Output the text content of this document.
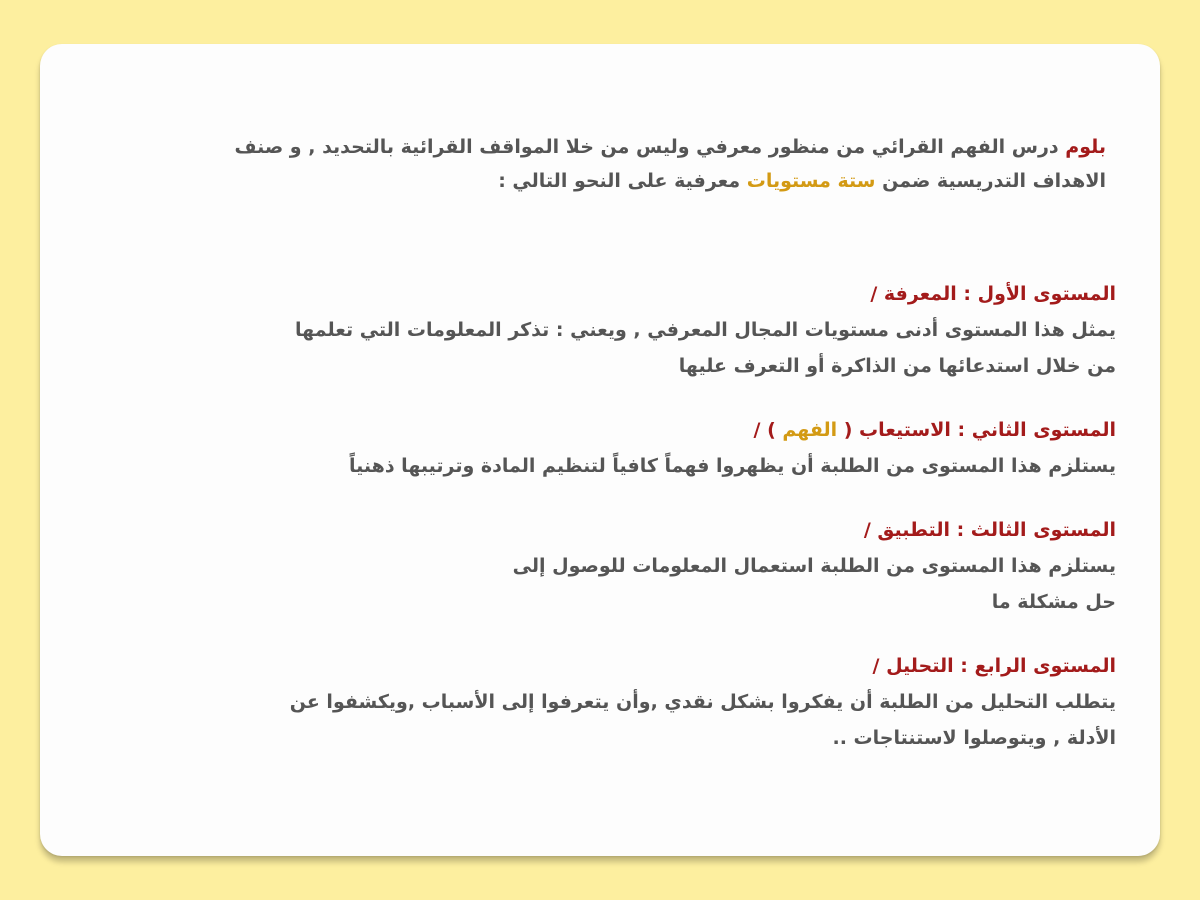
بلوم درس الفهم القرائي من منظور معرفي وليس من خلا المواقف القرائية بالتحديد , و صنف

الاهداف التدريسية ضمن ستة مستويات معرفية على النحو التالي :

المستوى الأول : المعرفة /

يمثل هذا المستوى أدنى مستويات المجال المعرفي , ويعني : تذكر المعلومات التي تعلمها

من خلال استدعائها من الذاكرة أو التعرف عليها

المستوى الثاني : الاستيعاب ( الفهم ) /

يستلزم هذا المستوى من الطلبة أن يظهروا فهماً كافياً لتنظيم المادة وترتيبها ذهنياً

المستوى الثالث : التطبيق /

يستلزم هذا المستوى من الطلبة استعمال المعلومات للوصول إلى

حل مشكلة ما

المستوى الرابع : التحليل /

يتطلب التحليل من الطلبة أن يفكروا بشكل نقدي ,وأن يتعرفوا إلى الأسباب ,ويكشفوا عن

الأدلة , ويتوصلوا لاستنتاجات ..
